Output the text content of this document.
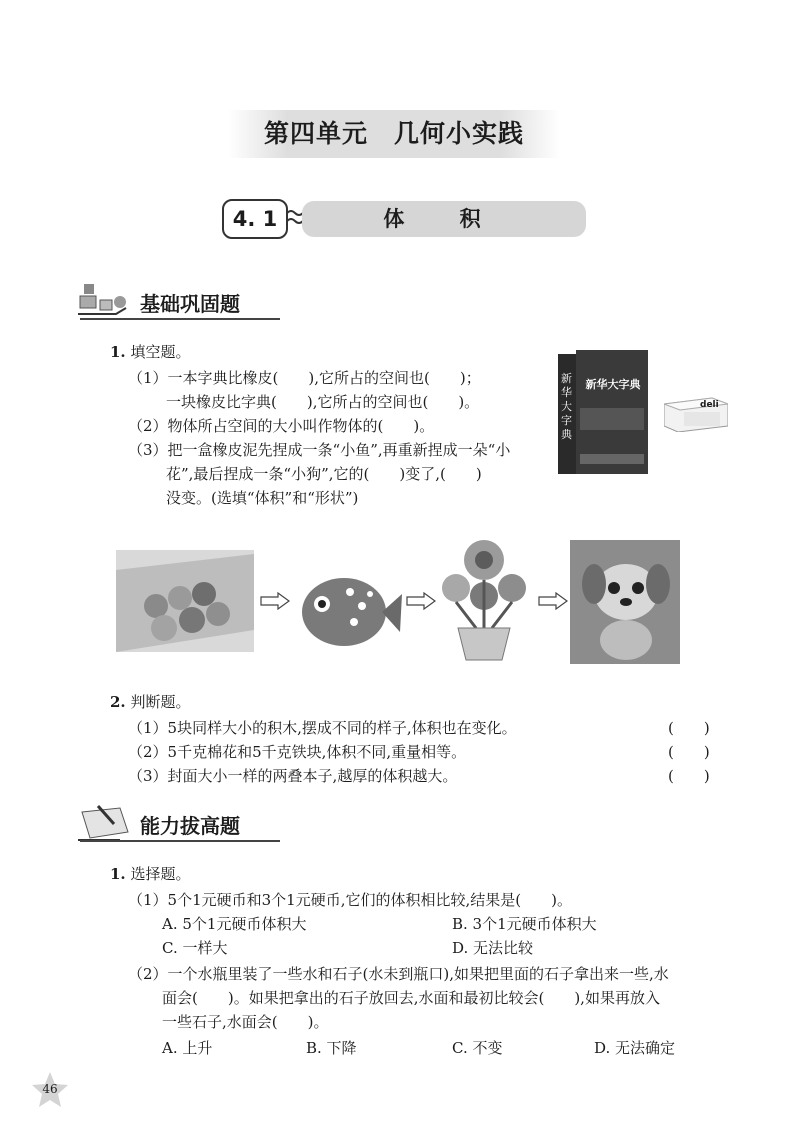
第四单元 几何小实践
4. 1	体 积
基础巩固题
1. 填空题。
（1）一本字典比橡皮(　　),它所占的空间也(　　)；
一块橡皮比字典(　　),它所占的空间也(　　)。
（2）物体所占空间的大小叫作物体的(　　)。
（3）把一盒橡皮泥先捏成一条“小鱼”,再重新捏成一朵“小
花”,最后捏成一条“小狗”,它的(　　)变了,(　　)
没变。(选填“体积”和“形状”)
新华大字典
新华大字典
deli
2. 判断题。
（1）5块同样大小的积木,摆成不同的样子,体积也在变化。	(　　)
（2）5千克棉花和5千克铁块,体积不同,重量相等。	(　　)
（3）封面大小一样的两叠本子,越厚的体积越大。	(　　)
能力拔高题
1. 选择题。
（1）5个1元硬币和3个1元硬币,它们的体积相比较,结果是(　　)。
A. 5个1元硬币体积大	B. 3个1元硬币体积大
C. 一样大	D. 无法比较
（2）一个水瓶里装了一些水和石子(水未到瓶口),如果把里面的石子拿出来一些,水
面会(　　)。如果把拿出的石子放回去,水面和最初比较会(　　),如果再放入
一些石子,水面会(　　)。
A. 上升	B. 下降	C. 不变	D. 无法确定
46
